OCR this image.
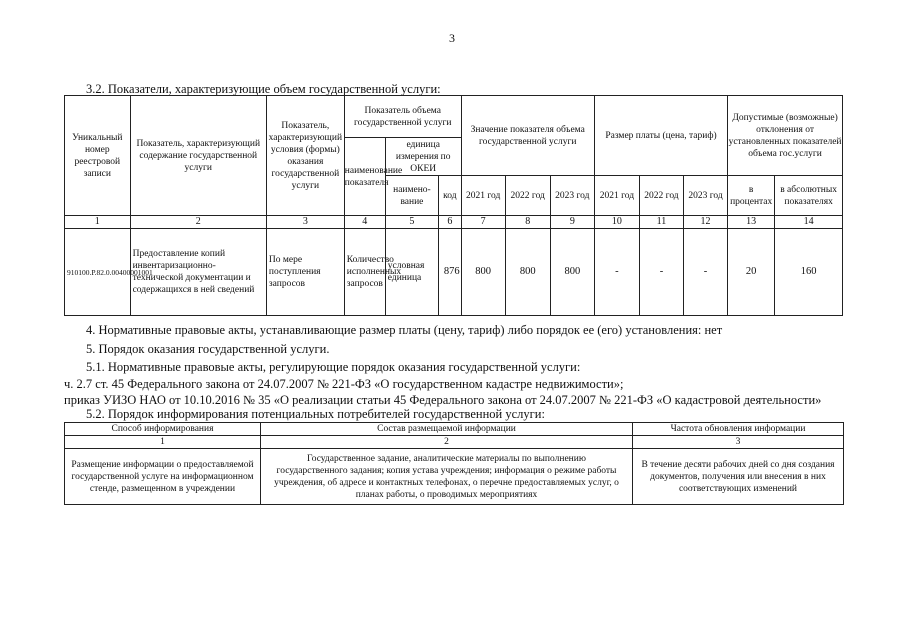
3
3.2. Показатели, характеризующие объем государственной услуги:
Уникальный номер реестровой записи	Показатель, характеризующий содержание государственной услуги	Показатель, характеризующий условия (формы) оказания государственной услуги	Показатель объема государственной услуги			Значение показателя объема государственной услуги			Размер платы (цена, тариф)			Допустимые (возможные) отклонения от установленных показателей объема гос.услуги	
			наименование показателя	единица измерения по ОКЕИ									
				наимено-вание	код	2021 год	2022 год	2023 год	2021 год	2022 год	2023 год	в процентах	в абсолютных показателях
1	2	3	4	5	6	7	8	9	10	11	12	13	14
910100.Р.82.0.00400001001	Предоставление копий инвентаризационно-технической документации и содержащихся в ней сведений	По мере поступления запросов	Количество исполненных запросов	условная единица	876	800	800	800	-	-	-	20	160
4. Нормативные правовые акты, устанавливающие размер платы (цену, тариф) либо порядок ее (его) установления: нет
5. Порядок оказания государственной услуги.
5.1. Нормативные правовые акты, регулирующие порядок оказания государственной услуги:
ч. 2.7 ст. 45 Федерального закона от 24.07.2007 № 221-ФЗ «О государственном кадастре недвижимости»;
приказ УИЗО НАО от 10.10.2016 № 35 «О реализации статьи 45 Федерального закона от 24.07.2007 № 221-ФЗ «О кадастровой деятельности»
5.2. Порядок информирования потенциальных потребителей государственной услуги:
Способ информирования	Состав размещаемой информации	Частота обновления информации
1	2	3
Размещение информации о предоставляемой государственной услуге на информационном стенде, размещенном в учреждении	Государственное задание, аналитические материалы по выполнению государственного задания; копия устава учреждения; информация о режиме работы учреждения, об адресе и контактных телефонах, о перечне предоставляемых услуг, о планах работы, о проводимых мероприятиях	В течение десяти рабочих дней со дня создания документов, получения или внесения в них соответствующих изменений
